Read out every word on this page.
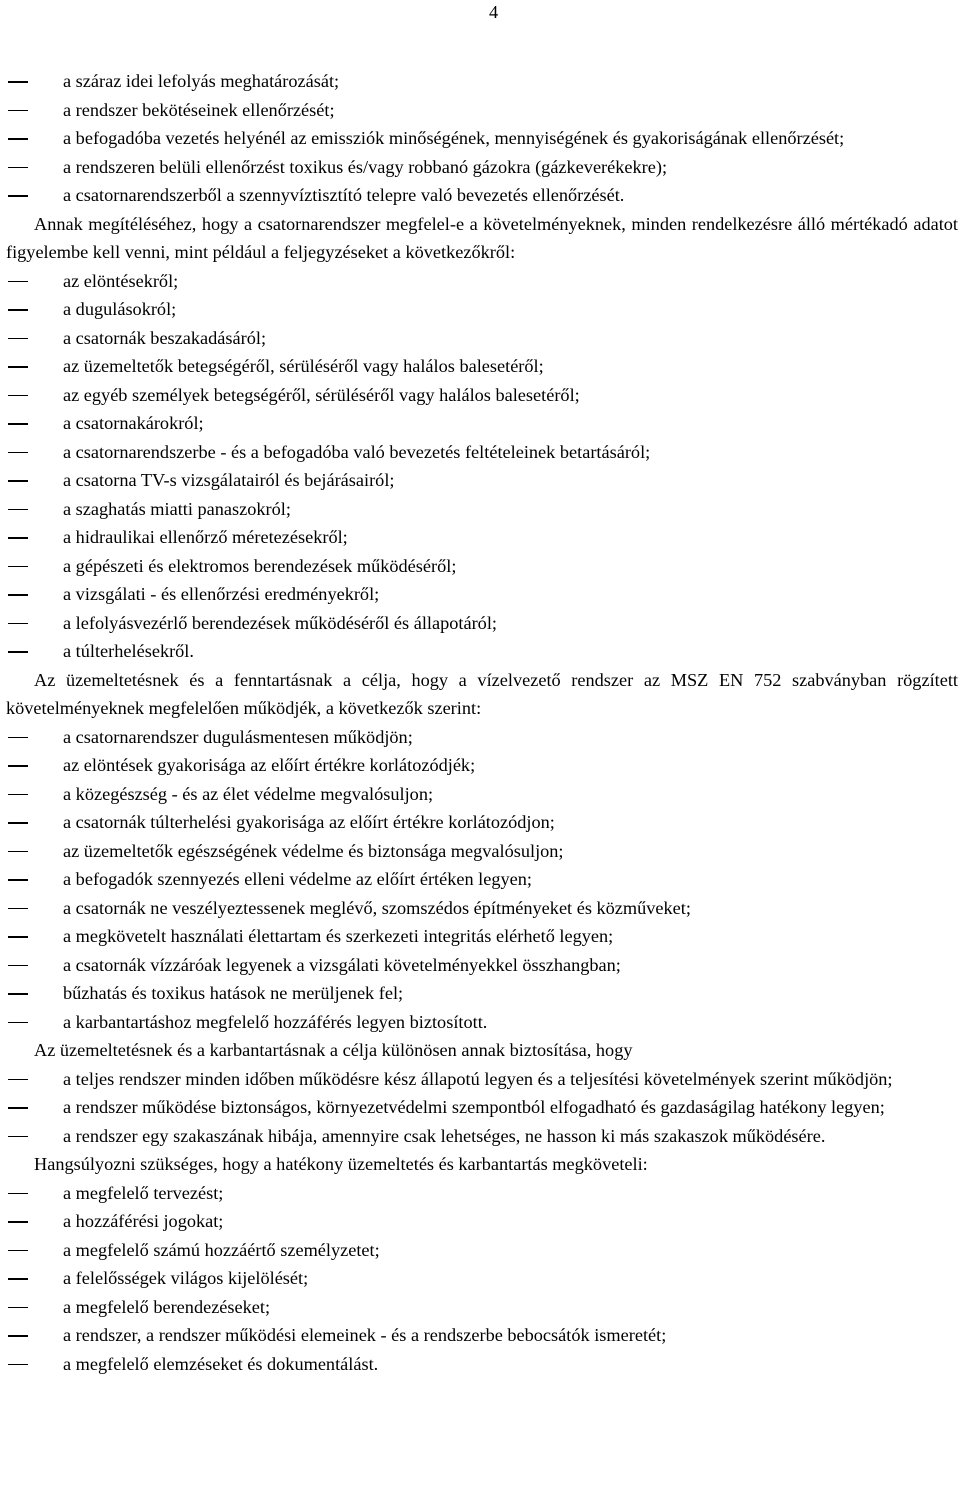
4
a száraz idei lefolyás meghatározását;
a rendszer bekötéseinek ellenőrzését;
a befogadóba vezetés helyénél az emissziók minőségének, mennyiségének és gyakoriságának ellenőrzését;
a rendszeren belüli ellenőrzést toxikus és/vagy robbanó gázokra (gázkeverékekre);
a csatornarendszerből a szennyvíztisztító telepre való bevezetés ellenőrzését.

Annak megítéléséhez, hogy a csatornarendszer megfelel-e a követelményeknek, minden rendelkezésre álló mértékadó adatot figyelembe kell venni, mint például a feljegyzéseket a következőkről:

az elöntésekről;
a dugulásokról;
a csatornák beszakadásáról;
az üzemeltetők betegségéről, sérüléséről vagy halálos balesetéről;
az egyéb személyek betegségéről, sérüléséről vagy halálos balesetéről;
a csatornakárokról;
a csatornarendszerbe - és a befogadóba való bevezetés feltételeinek betartásáról;
a csatorna TV-s vizsgálatairól és bejárásairól;
a szaghatás miatti panaszokról;
a hidraulikai ellenőrző méretezésekről;
a gépészeti és elektromos berendezések működéséről;
a vizsgálati - és ellenőrzési eredményekről;
a lefolyásvezérlő berendezések működéséről és állapotáról;
a túlterhelésekről.

Az üzemeltetésnek és a fenntartásnak a célja, hogy a vízelvezető rendszer az MSZ EN 752 szabványban rögzített követelményeknek megfelelően működjék, a következők szerint:

a csatornarendszer dugulásmentesen működjön;
az elöntések gyakorisága az előírt értékre korlátozódjék;
a közegészség - és az élet védelme megvalósuljon;
a csatornák túlterhelési gyakorisága az előírt értékre korlátozódjon;
az üzemeltetők egészségének védelme és biztonsága megvalósuljon;
a befogadók szennyezés elleni védelme az előírt értéken legyen;
a csatornák ne veszélyeztessenek meglévő, szomszédos építményeket és közműveket;
a megkövetelt használati élettartam és szerkezeti integritás elérhető legyen;
a csatornák vízzáróak legyenek a vizsgálati követelményekkel összhangban;
bűzhatás és toxikus hatások ne merüljenek fel;
a karbantartáshoz megfelelő hozzáférés legyen biztosított.

Az üzemeltetésnek és a karbantartásnak a célja különösen annak biztosítása, hogy

a teljes rendszer minden időben működésre kész állapotú legyen és a teljesítési követelmények szerint működjön;
a rendszer működése biztonságos, környezetvédelmi szempontból elfogadható és gazdaságilag hatékony legyen;
a rendszer egy szakaszának hibája, amennyire csak lehetséges, ne hasson ki más szakaszok működésére.

Hangsúlyozni szükséges, hogy a hatékony üzemeltetés és karbantartás megköveteli:

a megfelelő tervezést;
a hozzáférési jogokat;
a megfelelő számú hozzáértő személyzetet;
a felelősségek világos kijelölését;
a megfelelő berendezéseket;
a rendszer, a rendszer működési elemeinek - és a rendszerbe bebocsátók ismeretét;
a megfelelő elemzéseket és dokumentálást.
